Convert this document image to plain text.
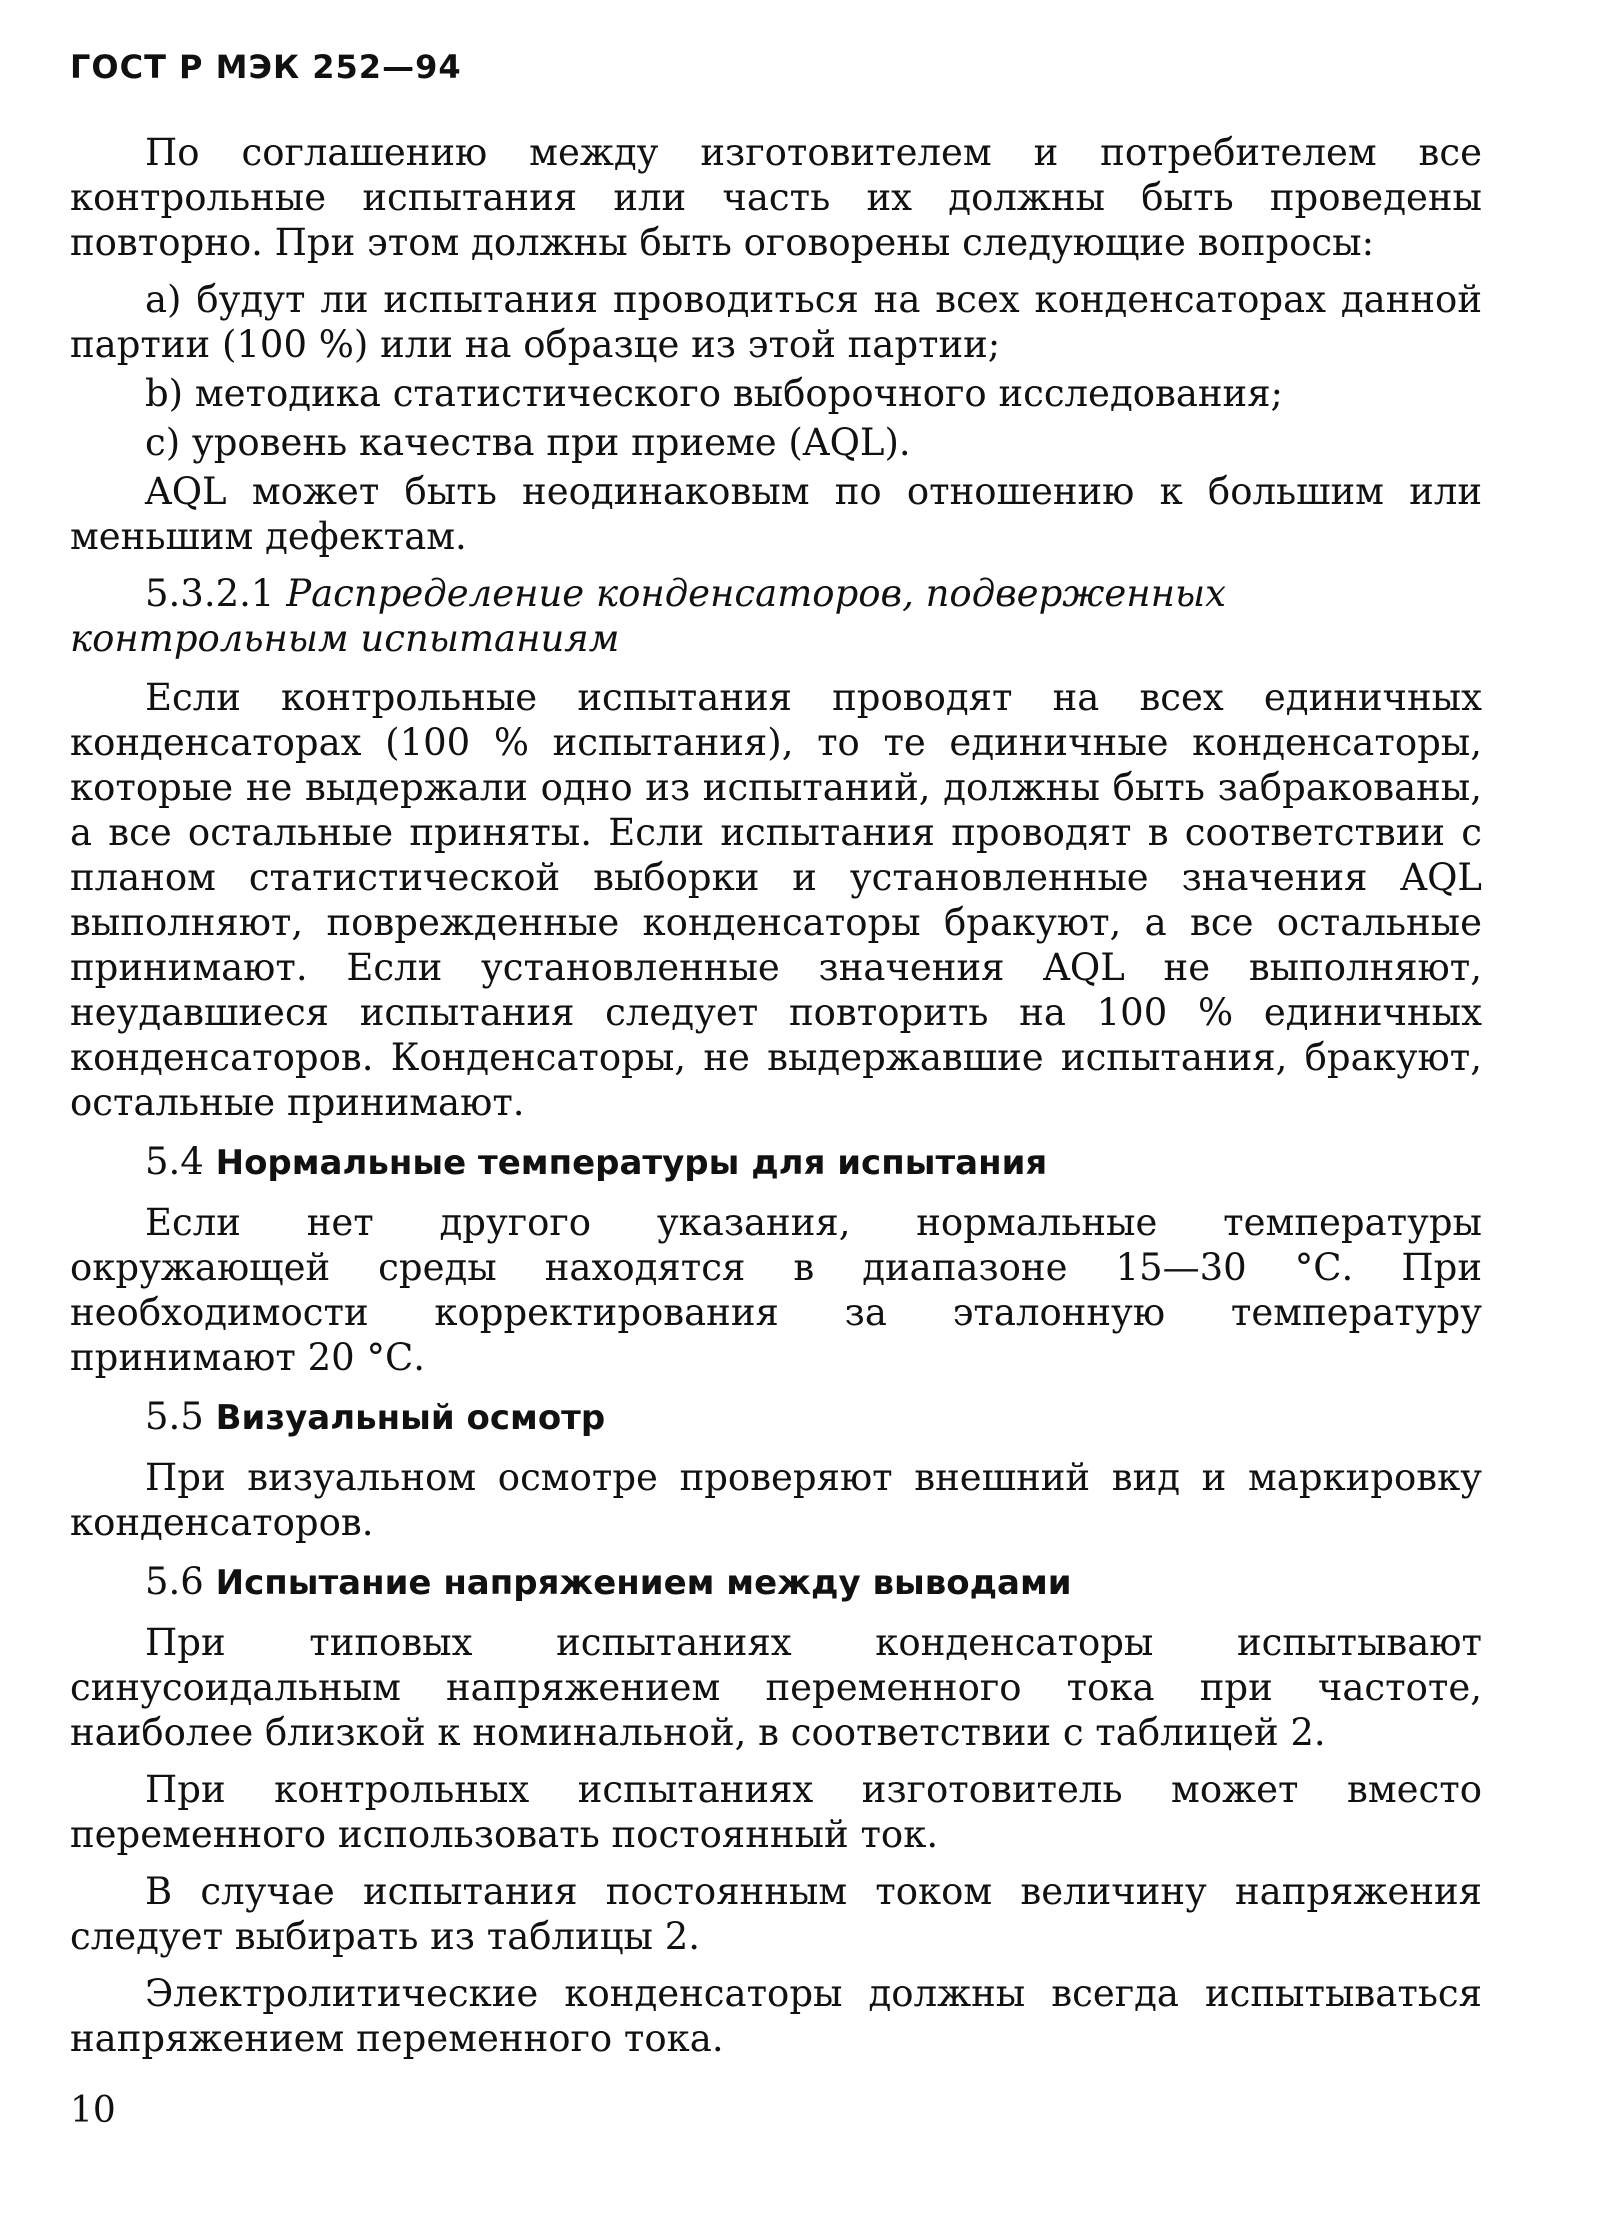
ГОСТ Р МЭК 252—94

По соглашению между изготовителем и потребителем все контрольные испытания или часть их должны быть проведены повторно. При этом должны быть оговорены следующие вопросы:

а) будут ли испытания проводиться на всех конденсаторах данной партии (100 %) или на образце из этой партии;

b) методика статистического выборочного исследования;

с) уровень качества при приеме (AQL).

AQL может быть неодинаковым по отношению к большим или меньшим дефектам.

5.3.2.1 Распределение конденсаторов, подверженных контрольным испытаниям

Если контрольные испытания проводят на всех единичных конденсаторах (100 % испытания), то те единичные конденсаторы, которые не выдержали одно из испытаний, должны быть забракованы, а все остальные приняты. Если испытания проводят в соответствии с планом статистической выборки и установленные значения AQL выполняют, поврежденные конденсаторы бракуют, а все остальные принимают. Если установленные значения AQL не выполняют, неудавшиеся испытания следует повторить на 100 % единичных конденсаторов. Конденсаторы, не выдержавшие испытания, бракуют, остальные принимают.

5.4 Нормальные температуры для испытания

Если нет другого указания, нормальные температуры окружающей среды находятся в диапазоне 15—30 °С. При необходимости корректирования за эталонную температуру принимают 20 °С.

5.5 Визуальный осмотр

При визуальном осмотре проверяют внешний вид и маркировку конденсаторов.

5.6 Испытание напряжением между выводами

При типовых испытаниях конденсаторы испытывают синусоидальным напряжением переменного тока при частоте, наиболее близкой к номинальной, в соответствии с таблицей 2.

При контрольных испытаниях изготовитель может вместо переменного использовать постоянный ток.

В случае испытания постоянным током величину напряжения следует выбирать из таблицы 2.

Электролитические конденсаторы должны всегда испытываться напряжением переменного тока.

10
